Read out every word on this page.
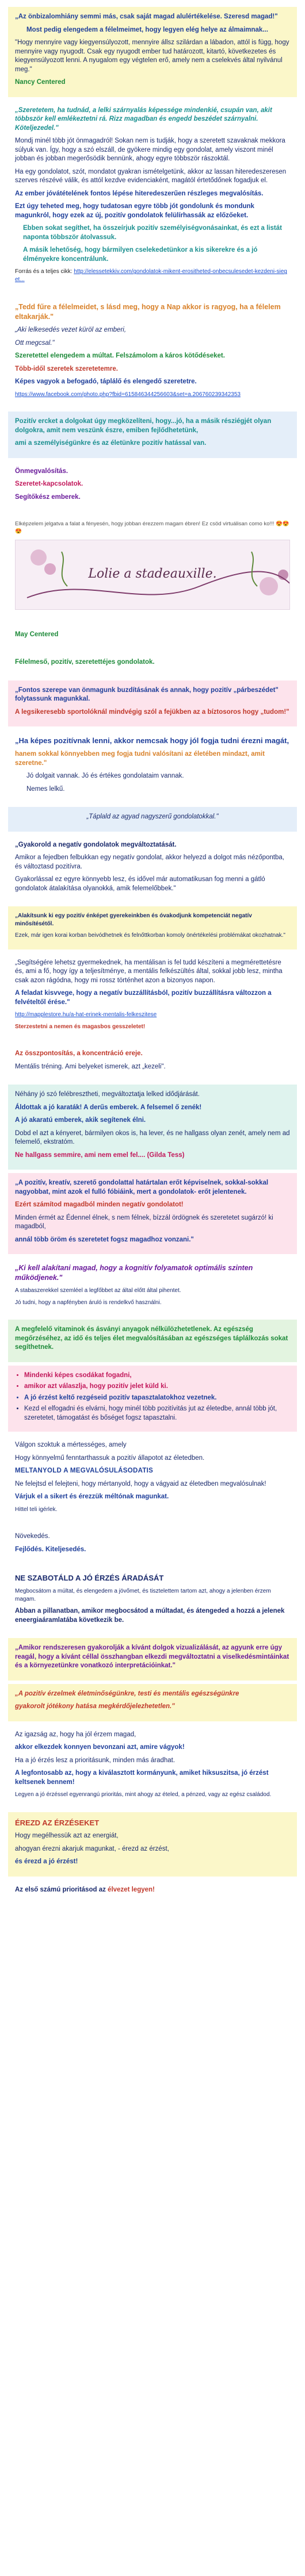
„Az önbizalomhiány semmi más, csak saját magad alulértékelése. Szeresd magad!"

Most pedig elengedem a félelmeimet, hogy legyen elég helye az álmaimnak...

"Hogy mennyire vagy kiegyensúlyozott, mennyire állsz szilárdan a lábadon, attól is függ, hogy mennyire vagy nyugodt. Csak egy nyugodt ember tud határozott, kitartó, következetes és kiegyensúlyozott lenni. A nyugalom egy végtelen erő, amely nem a cselekvés által nyilvánul meg."

Nancy Centered

„Szeretetem, ha tudnád, a lelki szárnyalás képessége mindenkié, csupán van, akit többször kell emlékeztetni rá. Rizz magadban és engedd beszédet szárnyalni. Köteljezedel."

Mondj minél több jót önmagadról! Sokan nem is tudják, hogy a szeretett szavaknak mekkora súlyuk van. Így, hogy a szó elszáll, de gyökere mindig egy gondolat, amely viszont minél jobban és jobban megerősödik bennünk, ahogy egyre többször rászoktál.

Ha egy gondolatot, szót, mondatot gyakran ismételgetünk, akkor az lassan hiteredeszeresen szerves részévé válik, és attól kezdve evidenciaként, magától értetődőnek fogadjuk el.

Az ember jóvátételének fontos lépése hiteredeszerűen részleges megvalósítás.

Ezt úgy teheted meg, hogy tudatosan egyre több jót gondolunk és mondunk magunkról, hogy ezek az új, pozitív gondolatok felülírhassák az előzőeket.

Ebben sokat segíthet, ha összeírjuk pozitív személyiségvonásainkat, és ezt a listát naponta többször átolvassuk.

A másik lehetőség, hogy bármilyen cselekedetünkor a kis sikerekre és a jó élményekre koncentrálunk.

Forrás és a teljes cikk: http://elessetekkiv.com/gondolatok-mikent-erositheted-onbecsulesedet-kezdeni-sieget...

„Tedd fűre a félelmeidet, s lásd meg, hogy a Nap akkor is ragyog, ha a félelem eltakarják."

„Aki lelkesedés vezet küröl az emberi,

Ott megcsal."

Szeretettel elengedem a múltat. Felszámolom a káros kötődéseket.

Több-idől szeretek szeretetemre.

Képes vagyok a befogadó, táplálő és elengedő szeretetre.

https://www.facebook.com/photo.php?fbid=615846344256603&set=a.206760239342353

Pozitív ercket a dolgokat úgy megközelíteni, hogy...jó, ha a másik résziégjét olyan dolgokra, amit nem veszünk észre, emiben fejlődhetetünk,

ami a személyiségünkre és az életünkre pozitív hatással van.

Önmegvalósítás.

Szeretet-kapcsolatok.

Segítőkész emberek.

Elképzelem jelgatva a falat a fényesén, hogy jobban érezzem magam ébren! Ez csöd virtuálisan como ko!!! 😍😍😍

Lolie a stadeauxille.

May Centered

Félelmeső, pozitív, szeretettéjes gondolatok.

„Fontos szerepe van önmagunk buzdításának és annak, hogy pozitív „párbeszédet" folytassunk magunkkal.

A legsikeresebb sportolóknál mindvégig szól a fejükben az a bíztosoros hogy „tudom!"

„Ha képes pozitívnak lenni, akkor nemcsak hogy jól fogja tudni érezni magát,

hanem sokkal könnyebben meg fogja tudni valósítani az életében mindazt, amit szeretne."

Jó dolgait vannak. Jó és értékes gondolataim vannak.

Nemes lelkű.

„Táplald az agyad nagyszerű gondolatokkal."

„Gyakorold a negatív gondolatok megváltoztatását.

Amikor a fejedben felbukkan egy negatív gondolat, akkor helyezd a dolgot más nézőpontba, és változtasd pozitívra.

Gyakorlással ez egyre könnyebb lesz, és idővel már automatikusan fog menni a gátló gondolatok átalakítása olyanokká, amik felemelőbbek."

„Alakítsunk ki egy pozitív énképet gyerekeinkben és óvakodjunk kompetenciát negatív minősítésétől.

Ezek, már igen korai korban beivódhetnek és felnőttkorban komoly önértékelési problémákat okozhatnak."

„Segítségére lehetsz gyermekednek, ha mentálisan is fel tudd készíteni a megmérettetésre és, ami a fő, hogy így a teljesítménye, a mentális felkészültés által, sokkal jobb lesz, mintha csak azon rágódna, hogy mi rossz történhet azon a bizonyos napon.

A feladat kisvvege, hogy a negatív buzzállításból, pozitív buzzállításra változzon a felvételtől érése."

http://mapplestore.hu/a-hat-erinek-mentalis-felkeszitese

Sterzestetni a nemen és magasbos gesszeletet!

Az összpontosítás, a koncentráció ereje.

Mentális tréning. Ami belyeket ismerek, azt „kezeli".

Néhány jó szó felébresztheti, megváltoztatja lelked idődjárását.

Áldottak a jó karaták! A derűs emberek. A felsemel ő zenék!

A jó akaratú emberek, akik segítenek élni.

Dobd el azt a kényeret, bármilyen okos is, ha lever, és ne hallgass olyan zenét, amely nem ad felemelő, ekstratóm.

Ne hallgass semmire, ami nem emel fel.... (Gilda Tess)

„A pozitív, kreatív, szerető gondolattal határtalan erőt képviselnek, sokkal-sokkal nagyobbat, mint azok el fulló fóbiáink, mert a gondolatok- erőt jelentenek.

Ezért számítod magadból minden negatív gondolatot!

Minden érmét az Édennel élnek, s nem félnek, bízzál ördögnek és szeretetet sugárzó! ki magadból,

annál több öröm és szeretetet fogsz magadhoz vonzani."

„Ki kell alakítani magad, hogy a kognitív folyamatok optimális szinten működjenek."

A stabaszerekkel szemléel a legfőbbet az által előtt által pihentet.

Jó tudni, hogy a napfényben áruló is rendelkvő használni.

A megfelelő vitaminok és ásványi anyagok nélkülözhetetlenek. Az egészség megőrzéséhez, az idő és teljes élet megvalósításában az egészséges táplálkozás sokat segíthetnek.

• Mindenki képes csodákat fogadni,
• amikor azt válaszlja, hogy pozitív jelet küld ki.
• A jó érzést keltő rezgéseid pozitív tapasztalatokhoz vezetnek.
• Kezd el elfogadni és elvárni, hogy minél több pozitívitás jut az életedbe, annál több jót, szeretetet, támogatást és bőséget fogsz tapasztalni.

Válgon szoktuk a mértességes, amely

Hogy könnyelmű fenntarthassuk a pozitív állapotot az életedben.

MELTANYOLD A MEGVALÓSULÁSODATIS

Ne felejtsd el felejteni, hogy mértanyold, hogy a vágyaid az életedben megvalósulnak!

Várjuk el a sikert és érezzük méltónak magunkat.

Hittel teli igérlek.

Növekedés.

Fejlődés. Kiteljesedés.

NE SZABOTÁLD A JÓ ÉRZÉS ÁRADÁSÁT

Megbocsátom a múltat, és elengedem a jövőmet, és tisztelettem tartom azt, ahogy a jelenben érzem magam.

Abban a pillanatban, amikor megbocsátod a múltadat, és átengeded a hozzá a jelenek eneergiaáramlatába következik be.

„Amikor rendszeresen gyakorolják a kívánt dolgok vizualizálását, az agyunk erre úgy reagál, hogy a kívánt céllal összhangban elkezdi megváltoztatni a viselkedésmintáinkat és a környezetünkre vonatkozó interpretációinkat."

„A pozitív érzelmek életminőségünkre, testi és mentális egészségünkre

gyakorolt jótékony hatása megkérdőjelezhetetlen."

Az igazság az, hogy ha jól érzem magad,

akkor elkezdek konnyen bevonzani azt, amire vágyok!

Ha a jó érzés lesz a prioritásunk, minden más áradhat.

A legfontosabb az, hogy a kiválasztott kormányunk, amiket hiksuszitsa, jó érzést keltsenek bennem!

Legyen a jó érzéssel egyenrangú prioritás, mint ahogy az ételed, a pénzed, vagy az egész családod.

ÉREZD AZ ÉRZÉSEKET

Hogy megélhessük azt az energiát,

ahogyan érezni akarjuk magunkat, - érezd az érzést,

és érezd a jó érzést!

Az első számú prioritásod az élvezet legyen!
